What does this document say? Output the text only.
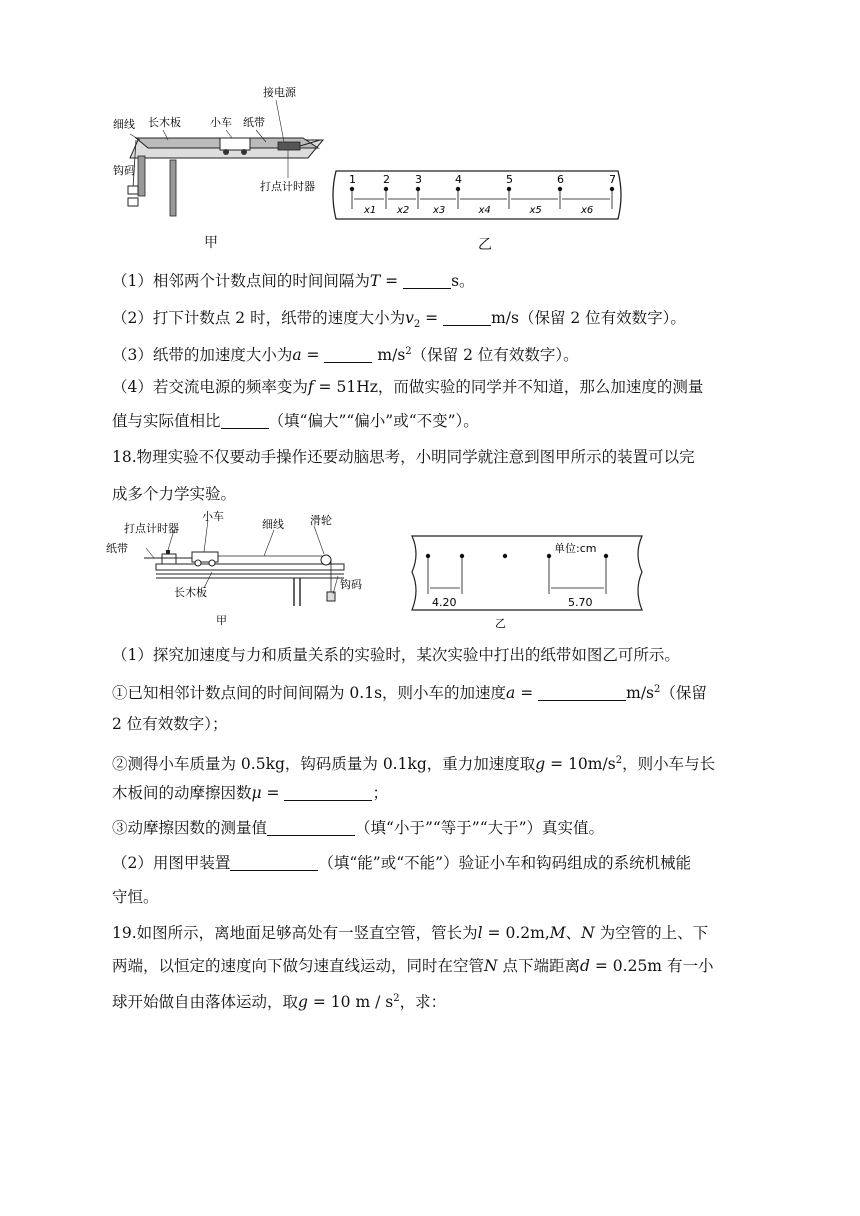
细线 长木板	小车 纸带
接电源
钩码
打点计时器
1 2 3	4	5	6	7
x1 x2 x3	x4	x5	x6
甲	乙
（1）相邻两个计数点间的时间间隔为T =	s。
（2）打下计数点 2 时，纸带的速度大小为$v_2$ =	m/s（保留 2 位有效数字）。
（3）纸带的加速度大小为a =	$m/s^2$（保留 2 位有效数字）。
（4）若交流电源的频率变为f = 51Hz，而做实验的同学并不知道，那么加速度的测量
值与实际值相比	（填“偏大”“偏小”或“不变”）。
18.物理实验不仅要动手操作还要动脑思考，小明同学就注意到图甲所示的装置可以完
成多个力学实验。
打点计时器
小车
细线 滑轮
纸带
长木板
钩码
甲
单位:cm
4.20	5.70
乙
（1）探究加速度与力和质量关系的实验时，某次实验中打出的纸带如图乙可所示。
①已知相邻计数点间的时间间隔为 0.1s，则小车的加速度a =	$m/s^2$（保留
2 位有效数字）；
②测得小车质量为 0.5kg，钩码质量为 0.1kg，重力加速度取$g = 10m/s^2$，则小车与长
木板间的动摩擦因数μ =	；
③动摩擦因数的测量值	（填“小于”“等于”“大于”）真实值。
（2）用图甲装置	（填“能”或“不能”）验证小车和钩码组成的系统机械能
守恒。
19.如图所示，离地面足够高处有一竖直空管，管长为l = 0.2m,M、N 为空管的上、下
两端，以恒定的速度向下做匀速直线运动，同时在空管N 点下端距离d = 0.25m 有一小
球开始做自由落体运动，取g = 10 m / $s^2$，求：
